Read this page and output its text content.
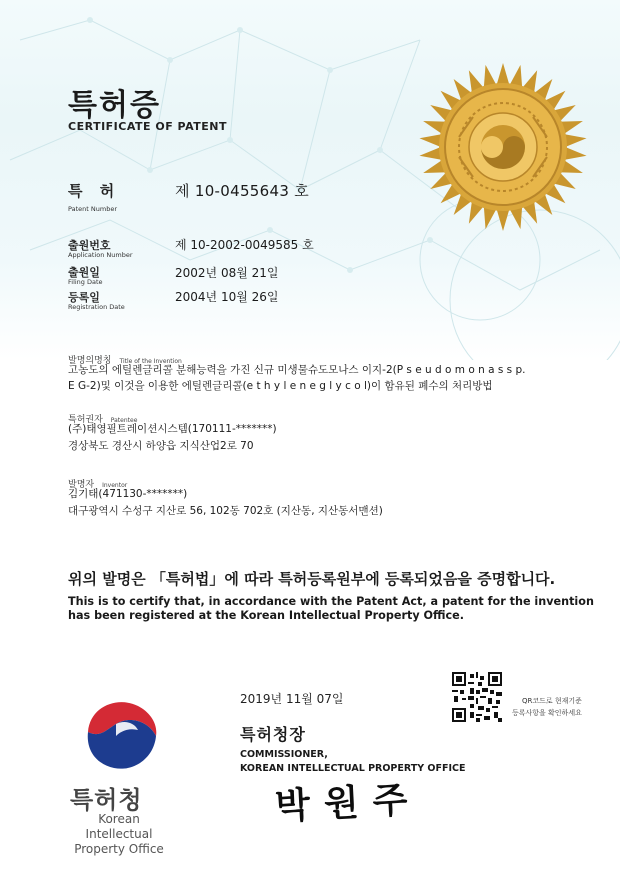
특허증
CERTIFICATE OF PATENT
특 허
Patent Number
제 10-0455643 호
출원번호
Application Number
제 10-2002-0049585 호
출원일
Filing Date
2002년 08월 21일
등록일
Registration Date
2004년 10월 26일
발명의명칭 Title of the Invention
고농도의 에틸렌글리콜 분해능력을 가진 신규 미생물슈도모나스 이지-2(P s e u d o m o n a s s p.
E G-2)및 이것을 이용한 에틸렌글리콜(e t h y l e n e g l y c o l)이 함유된 폐수의 처리방법
특허권자 Patentee
(주)태영필트레이션시스템(170111-*******)
경상북도 경산시 하양읍 지식산업2로 70
발명자 Inventor
김기태(471130-*******)
대구광역시 수성구 지산로 56, 102동 702호 (지산동, 지산동서맨션)
위의 발명은 「특허법」에 따라 특허등록원부에 등록되었음을 증명합니다.
This is to certify that, in accordance with the Patent Act, a patent for the invention
has been registered at the Korean Intellectual Property Office.
2019년 11월 07일	QR코드로 현재기준
등록사항을 확인하세요
특허청장
COMMISSIONER,
KOREAN INTELLECTUAL PROPERTY OFFICE
박원주
특허청
Korean Intellectual
Property Office
